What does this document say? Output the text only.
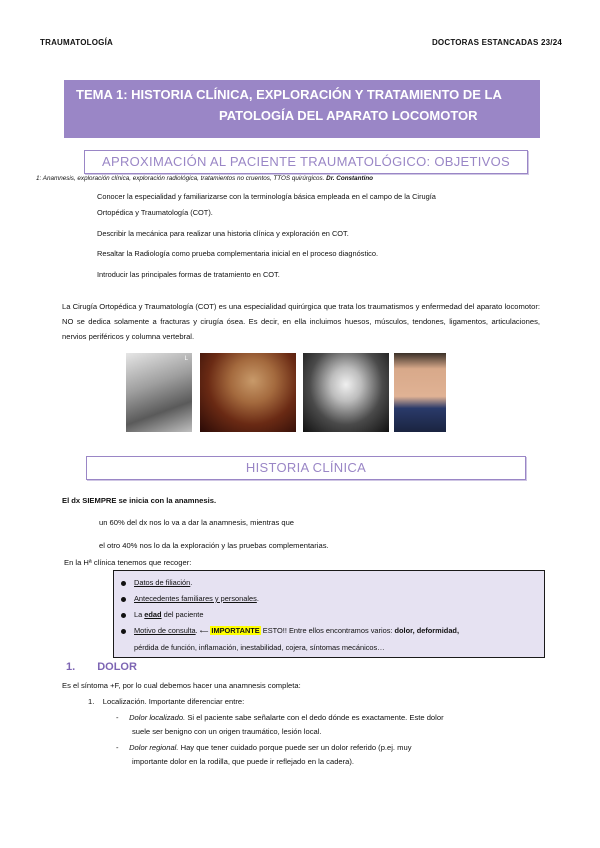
TRAUMATOLOGÍA	DOCTORAS ESTANCADAS 23/24
TEMA 1: HISTORIA CLÍNICA, EXPLORACIÓN Y TRATAMIENTO DE LA
PATOLOGÍA DEL APARATO LOCOMOTOR
APROXIMACIÓN AL PACIENTE TRAUMATOLÓGICO: OBJETIVOS
1: Anamnesis, exploración clínica, exploración radiológica, tratamientos no cruentos, TTOS quirúrgicos. Dr. Constantino
Conocer la especialidad y familiarizarse con la terminología básica empleada en el campo de la Cirugía
Ortopédica y Traumatología (COT).
Describir la mecánica para realizar una historia clínica y exploración en COT.
Resaltar la Radiología como prueba complementaria inicial en el proceso diagnóstico.
Introducir las principales formas de tratamiento en COT.
La Cirugía Ortopédica y Traumatología (COT) es una especialidad quirúrgica que trata los traumatismos y enfermedad del aparato locomotor: NO se dedica solamente a fracturas y cirugía ósea. Es decir, en ella incluimos huesos, músculos, tendones, ligamentos, articulaciones, nervios periféricos y columna vertebral.
L
HISTORIA CLÍNICA
El dx SIEMPRE se inicia con la anamnesis.
un 60% del dx nos lo va a dar la anamnesis, mientras que
el otro 40% nos lo da la exploración y las pruebas complementarias.
En la Hª clínica tenemos que recoger:
Datos de filiación.
Antecedentes familiares y personales.
La edad del paciente
Motivo de consulta. ⟵ IMPORTANTE ESTO!! Entre ellos encontramos varios: dolor, deformidad,
pérdida de función, inflamación, inestabilidad, cojera, síntomas mecánicos…
1. DOLOR
Es el síntoma +F, por lo cual debemos hacer una anamnesis completa:
1. Localización. Importante diferenciar entre:
-     Dolor localizado. Si el paciente sabe señalarte con el dedo dónde es exactamente. Este dolor
suele ser benigno con un origen traumático, lesión local.
-     Dolor regional. Hay que tener cuidado porque puede ser un dolor referido (p.ej. muy
importante dolor en la rodilla, que puede ir reflejado en la cadera).
